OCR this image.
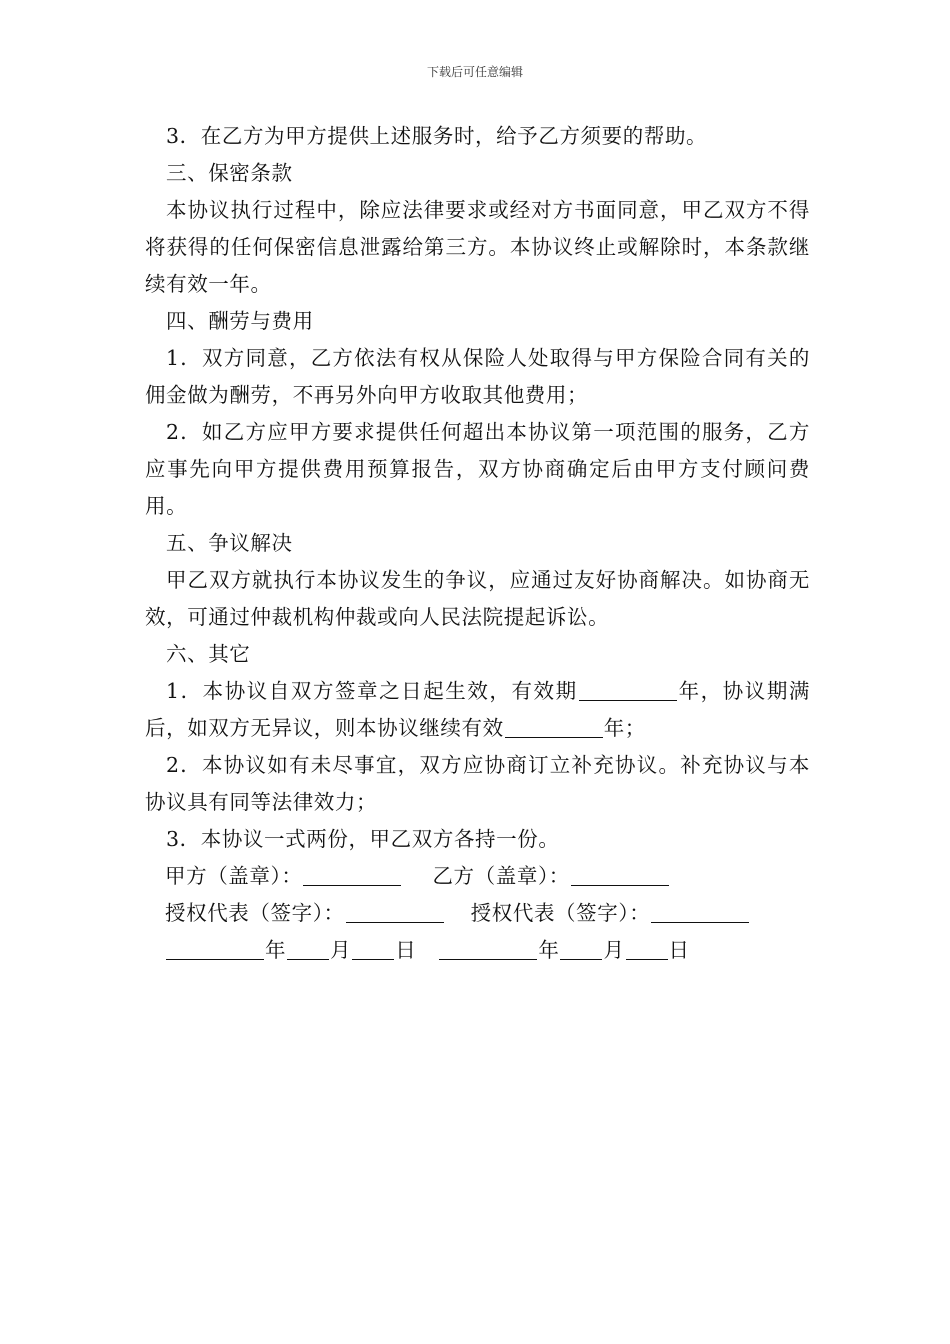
下载后可任意编辑

3．在乙方为甲方提供上述服务时，给予乙方须要的帮助。

三、保密条款

本协议执行过程中，除应法律要求或经对方书面同意，甲乙双方不得将获得的任何保密信息泄露给第三方。本协议终止或解除时，本条款继续有效一年。

四、酬劳与费用

1．双方同意，乙方依法有权从保险人处取得与甲方保险合同有关的佣金做为酬劳，不再另外向甲方收取其他费用；

2．如乙方应甲方要求提供任何超出本协议第一项范围的服务，乙方应事先向甲方提供费用预算报告，双方协商确定后由甲方支付顾问费用。

五、争议解决

甲乙双方就执行本协议发生的争议，应通过友好协商解决。如协商无效，可通过仲裁机构仲裁或向人民法院提起诉讼。

六、其它

1．本协议自双方签章之日起生效，有效期	年，协议期满后，如双方无异议，则本协议继续有效	年；

2．本协议如有未尽事宜，双方应协商订立补充协议。补充协议与本协议具有同等法律效力；

3．本协议一式两份，甲乙双方各持一份。

甲方（盖章）：	乙方（盖章）：

授权代表（签字）：	授权代表（签字）：

年 月 日	年 月 日
